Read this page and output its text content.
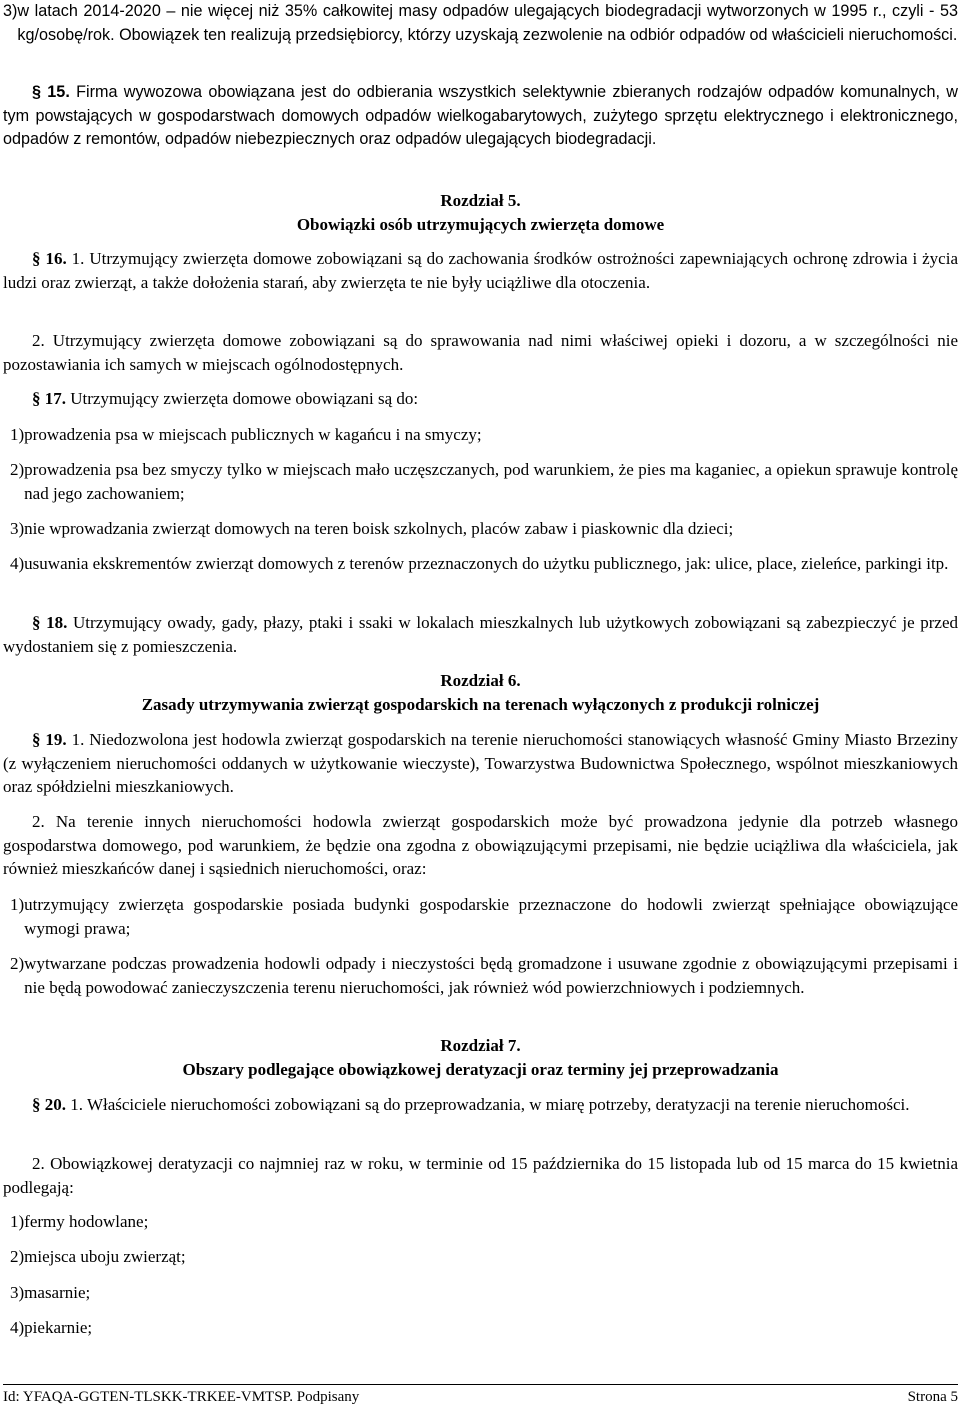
3) w latach 2014-2020 – nie więcej niż 35% całkowitej masy odpadów ulegających biodegradacji wytworzonych w 1995 r., czyli - 53 kg/osobę/rok. Obowiązek ten realizują przedsiębiorcy, którzy uzyskają zezwolenie na odbiór odpadów od właścicieli nieruchomości.

§ 15. Firma wywozowa obowiązana jest do odbierania wszystkich selektywnie zbieranych rodzajów odpadów komunalnych, w tym powstających w gospodarstwach domowych odpadów wielkogabarytowych, zużytego sprzętu elektrycznego i elektronicznego, odpadów z remontów, odpadów niebezpiecznych oraz odpadów ulegających biodegradacji.

Rozdział 5.
Obowiązki osób utrzymujących zwierzęta domowe

§ 16. 1. Utrzymujący zwierzęta domowe zobowiązani są do zachowania środków ostrożności zapewniających ochronę zdrowia i życia ludzi oraz zwierząt, a także dołożenia starań, aby zwierzęta te nie były uciążliwe dla otoczenia.

2. Utrzymujący zwierzęta domowe zobowiązani są do sprawowania nad nimi właściwej opieki i dozoru, a w szczególności nie pozostawiania ich samych w miejscach ogólnodostępnych.

§ 17. Utrzymujący zwierzęta domowe obowiązani są do:

1) prowadzenia psa w miejscach publicznych w kagańcu i na smyczy;
2) prowadzenia psa bez smyczy tylko w miejscach mało uczęszczanych, pod warunkiem, że pies ma kaganiec, a opiekun sprawuje kontrolę nad jego zachowaniem;
3) nie wprowadzania zwierząt domowych na teren boisk szkolnych, placów zabaw i piaskownic dla dzieci;
4) usuwania ekskrementów zwierząt domowych z terenów przeznaczonych do użytku publicznego, jak: ulice, place, zieleńce, parkingi itp.

§ 18. Utrzymujący owady, gady, płazy, ptaki i ssaki w lokalach mieszkalnych lub użytkowych zobowiązani są zabezpieczyć je przed wydostaniem się z pomieszczenia.

Rozdział 6.
Zasady utrzymywania zwierząt gospodarskich na terenach wyłączonych z produkcji rolniczej

§ 19. 1. Niedozwolona jest hodowla zwierząt gospodarskich na terenie nieruchomości stanowiących własność Gminy Miasto Brzeziny (z wyłączeniem nieruchomości oddanych w użytkowanie wieczyste), Towarzystwa Budownictwa Społecznego, wspólnot mieszkaniowych oraz spółdzielni mieszkaniowych.

2. Na terenie innych nieruchomości hodowla zwierząt gospodarskich może być prowadzona jedynie dla potrzeb własnego gospodarstwa domowego, pod warunkiem, że będzie ona zgodna z obowiązującymi przepisami, nie będzie uciążliwa dla właściciela, jak również mieszkańców danej i sąsiednich nieruchomości, oraz:

1) utrzymujący zwierzęta gospodarskie posiada budynki gospodarskie przeznaczone do hodowli zwierząt spełniające obowiązujące wymogi prawa;
2) wytwarzane podczas prowadzenia hodowli odpady i nieczystości będą gromadzone i usuwane zgodnie z obowiązującymi przepisami i nie będą powodować zanieczyszczenia terenu nieruchomości, jak również wód powierzchniowych i podziemnych.
Rozdział 7.
Obszary podlegające obowiązkowej deratyzacji oraz terminy jej przeprowadzania

§ 20. 1. Właściciele nieruchomości zobowiązani są do przeprowadzania, w miarę potrzeby, deratyzacji na terenie nieruchomości.

2. Obowiązkowej deratyzacji co najmniej raz w roku, w terminie od 15 października do 15 listopada lub od 15 marca do 15 kwietnia podlegają:

1) fermy hodowlane;
2) miejsca uboju zwierząt;
3) masarnie;
4) piekarnie;
Id: YFAQA-GGTEN-TLSKK-TRKEE-VMTSP. Podpisany	Strona 5
